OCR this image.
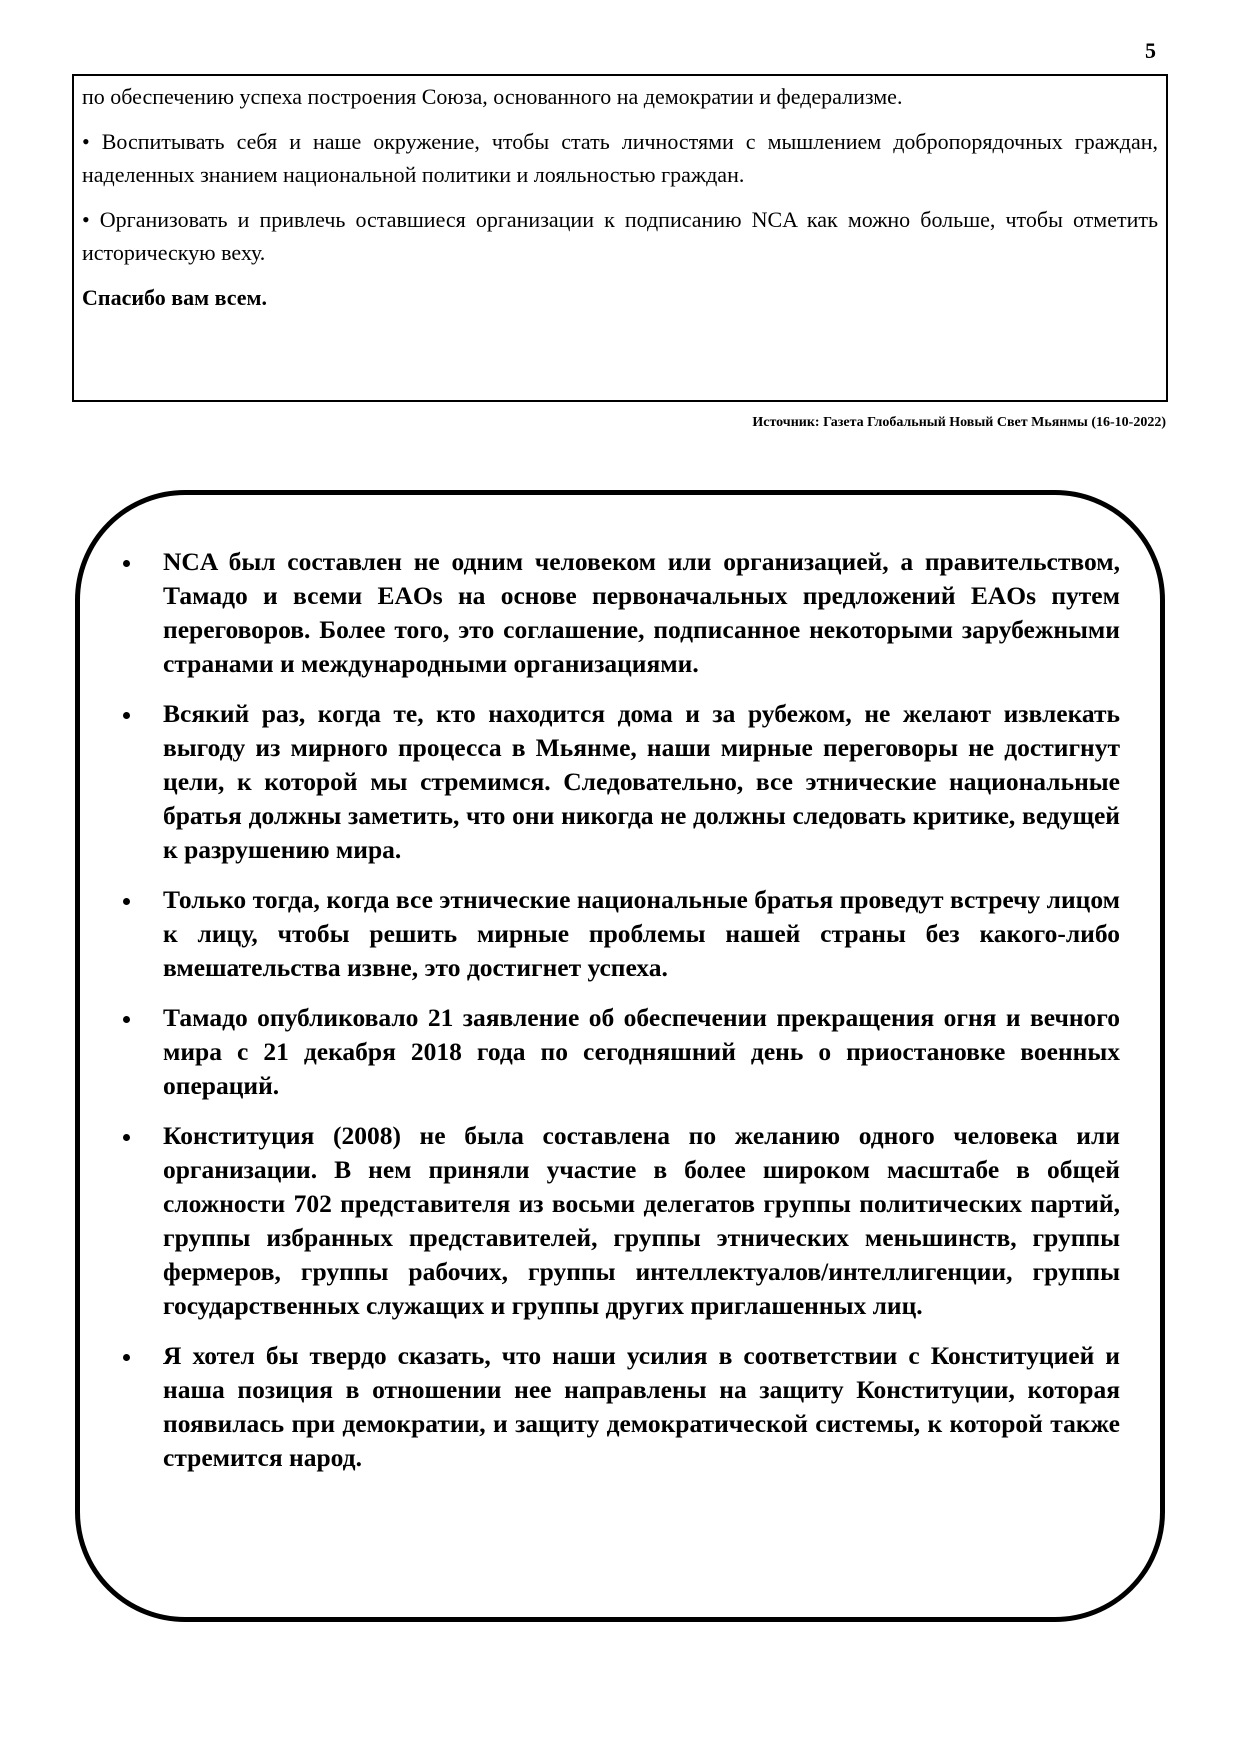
5

по обеспечению успеха построения Союза, основанного на демократии и федерализме.

• Воспитывать себя и наше окружение, чтобы стать личностями с мышлением добропорядочных граждан, наделенных знанием национальной политики и лояльностью граждан.

• Организовать и привлечь оставшиеся организации к подписанию NCA как можно больше, чтобы отметить историческую веху.

Спасибо вам всем.

Источник: Газета Глобальный Новый Свет Мьянмы (16-10-2022)
NCA был составлен не одним человеком или организацией, а правительством, Тамадо и всеми EAOs на основе первоначальных предложений EAOs путем переговоров. Более того, это соглашение, подписанное некоторыми зарубежными странами и международными организациями.
Всякий раз, когда те, кто находится дома и за рубежом, не желают извлекать выгоду из мирного процесса в Мьянме, наши мирные переговоры не достигнут цели, к которой мы стремимся. Следовательно, все этнические национальные братья должны заметить, что они никогда не должны следовать критике, ведущей к разрушению мира.
Только тогда, когда все этнические национальные братья проведут встречу лицом к лицу, чтобы решить мирные проблемы нашей страны без какого-либо вмешательства извне, это достигнет успеха.
Тамадо опубликовало 21 заявление об обеспечении прекращения огня и вечного мира с 21 декабря 2018 года по сегодняшний день о приостановке военных операций.
Конституция (2008) не была составлена по желанию одного человека или организации. В нем приняли участие в более широком масштабе в общей сложности 702 представителя из восьми делегатов группы политических партий, группы избранных представителей, группы этнических меньшинств, группы фермеров, группы рабочих, группы интеллектуалов/интеллигенции, группы государственных служащих и группы других приглашенных лиц.
Я хотел бы твердо сказать, что наши усилия в соответствии с Конституцией и наша позиция в отношении нее направлены на защиту Конституции, которая появилась при демократии, и защиту демократической системы, к которой также стремится народ.
